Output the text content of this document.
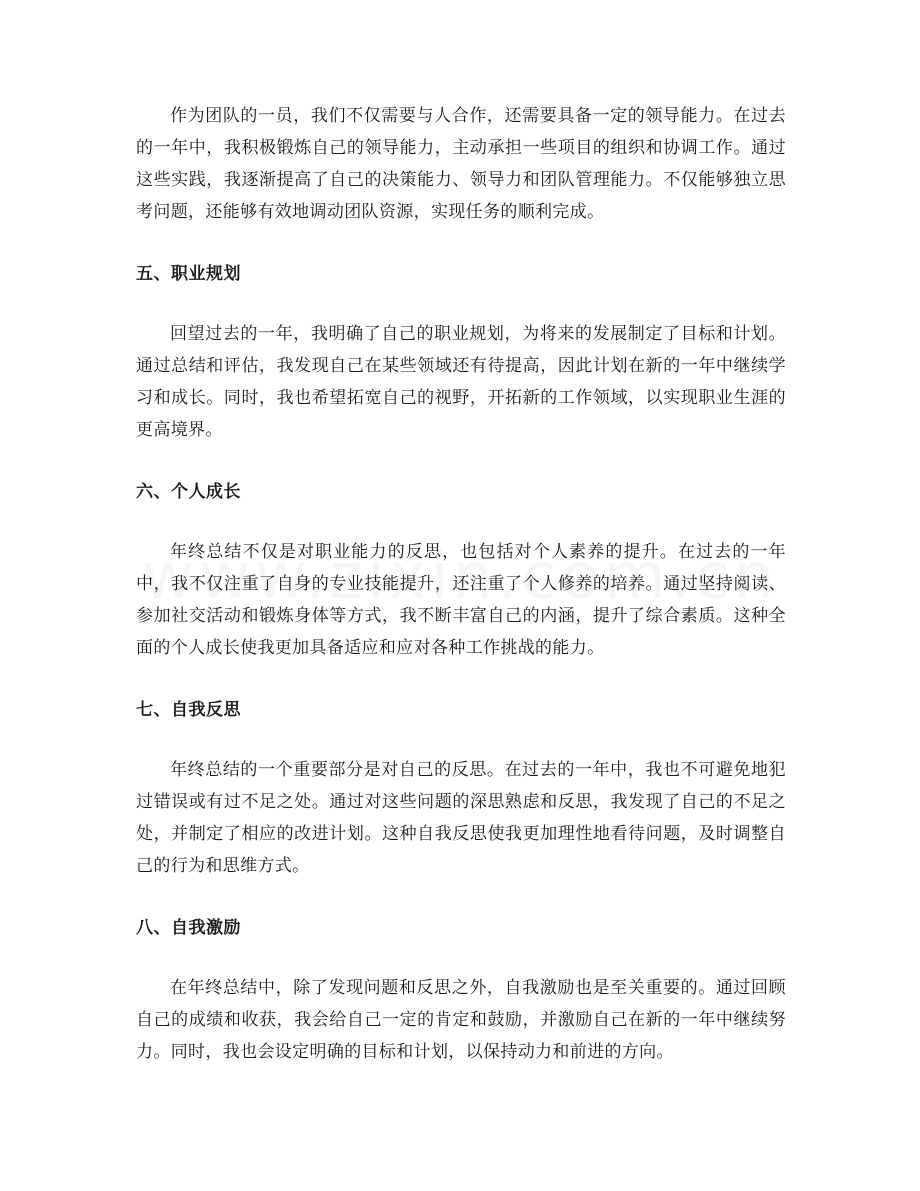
作为团队的一员，我们不仅需要与人合作，还需要具备一定的领导能力。在过去的一年中，我积极锻炼自己的领导能力，主动承担一些项目的组织和协调工作。通过这些实践，我逐渐提高了自己的决策能力、领导力和团队管理能力。不仅能够独立思考问题，还能够有效地调动团队资源，实现任务的顺利完成。

五、职业规划

回望过去的一年，我明确了自己的职业规划，为将来的发展制定了目标和计划。通过总结和评估，我发现自己在某些领域还有待提高，因此计划在新的一年中继续学习和成长。同时，我也希望拓宽自己的视野，开拓新的工作领域，以实现职业生涯的更高境界。

六、个人成长

年终总结不仅是对职业能力的反思，也包括对个人素养的提升。在过去的一年中，我不仅注重了自身的专业技能提升，还注重了个人修养的培养。通过坚持阅读、参加社交活动和锻炼身体等方式，我不断丰富自己的内涵，提升了综合素质。这种全面的个人成长使我更加具备适应和应对各种工作挑战的能力。

七、自我反思

年终总结的一个重要部分是对自己的反思。在过去的一年中，我也不可避免地犯过错误或有过不足之处。通过对这些问题的深思熟虑和反思，我发现了自己的不足之处，并制定了相应的改进计划。这种自我反思使我更加理性地看待问题，及时调整自己的行为和思维方式。

八、自我激励

在年终总结中，除了发现问题和反思之外，自我激励也是至关重要的。通过回顾自己的成绩和收获，我会给自己一定的肯定和鼓励，并激励自己在新的一年中继续努力。同时，我也会设定明确的目标和计划，以保持动力和前进的方向。
